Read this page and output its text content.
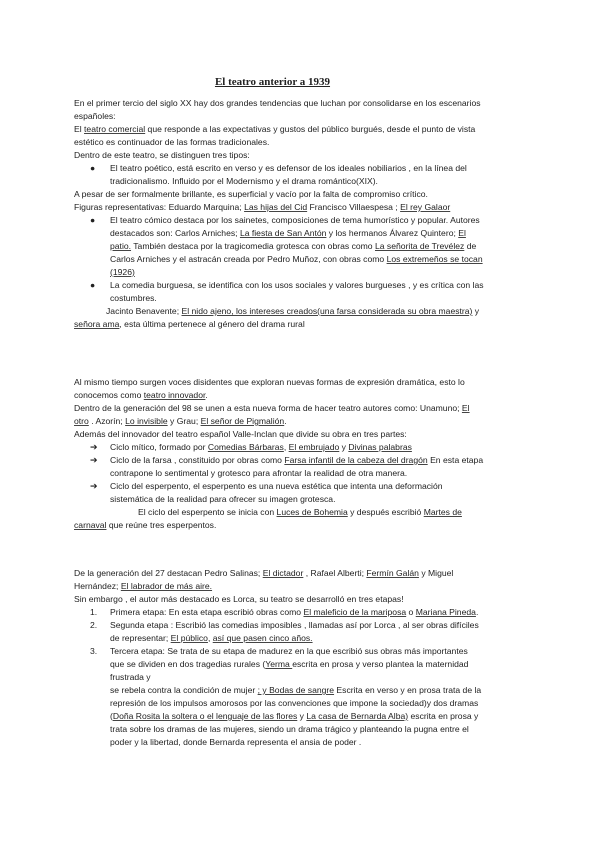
El teatro anterior a 1939
En el primer tercio del siglo XX hay dos grandes tendencias que luchan por consolidarse en los escenarios
españoles:
El teatro comercial que responde a las expectativas y gustos del público burgués, desde el punto de vista
estético es continuador de las formas tradicionales.
Dentro de este teatro, se distinguen tres tipos:
● El teatro poético, está escrito en verso y es defensor de los ideales nobiliarios , en la línea del
tradicionalismo. Influido por el Modernismo y el drama romántico(XIX).
A pesar de ser formalmente brillante, es superficial y vacío por la falta de compromiso crítico.
Figuras representativas: Eduardo Marquina; Las hijas del Cid Francisco Villaespesa ; El rey Galaor
● El teatro cómico destaca por los sainetes, composiciones de tema humorístico y popular. Autores
destacados son: Carlos Arniches; La fiesta de San Antón y los hermanos Álvarez Quintero; El
patio. También destaca por la tragicomedia grotesca con obras como La señorita de Trevélez de
Carlos Arniches y el astracán creada por Pedro Muñoz, con obras como Los extremeños se tocan
(1926)
● La comedia burguesa, se identifica con los usos sociales y valores burgueses , y es crítica con las
costumbres.
Jacinto Benavente; El nido ajeno, los intereses creados(una farsa considerada su obra maestra) y
señora ama, esta última pertenece al género del drama rural
Al mismo tiempo surgen voces disidentes que exploran nuevas formas de expresión dramática, esto lo
conocemos como teatro innovador.
Dentro de la generación del 98 se unen a esta nueva forma de hacer teatro autores como: Unamuno; El
otro . Azorín; Lo invisible y Grau; El señor de Pigmalión.
Además del innovador del teatro español Valle-Inclan que divide su obra en tres partes:
➔ Ciclo mítico, formado por Comedias Bárbaras, El embrujado y Divinas palabras
➔ Ciclo de la farsa , constituido por obras como Farsa infantil de la cabeza del dragón En esta etapa
contrapone lo sentimental y grotesco para afrontar la realidad de otra manera.
➔ Ciclo del esperpento, el esperpento es una nueva estética que intenta una deformación
sistemática de la realidad para ofrecer su imagen grotesca.
El ciclo del esperpento se inicia con Luces de Bohemia y después escribió Martes de
carnaval que reúne tres esperpentos.
De la generación del 27 destacan Pedro Salinas; El dictador , Rafael Alberti; Fermín Galán y Miguel
Hernández; El labrador de más aire.
Sin embargo , el autor más destacado es Lorca, su teatro se desarrolló en tres etapas!
1. Primera etapa: En esta etapa escribió obras como El maleficio de la mariposa o Mariana Pineda.
2. Segunda etapa : Escribió las comedias imposibles , llamadas así por Lorca , al ser obras difíciles
de representar; El público, así que pasen cinco años.
3. Tercera etapa: Se trata de su etapa de madurez en la que escribió sus obras más importantes
que se dividen en dos tragedias rurales (Yerma escrita en prosa y verso plantea la maternidad
frustrada y
se rebela contra la condición de mujer ; y Bodas de sangre Escrita en verso y en prosa trata de la
represión de los impulsos amorosos por las convenciones que impone la sociedad)y dos dramas
(Doña Rosita la soltera o el lenguaje de las flores y La casa de Bernarda Alba) escrita en prosa y
trata sobre los dramas de las mujeres, siendo un drama trágico y planteando la pugna entre el
poder y la libertad, donde Bernarda representa el ansia de poder .
